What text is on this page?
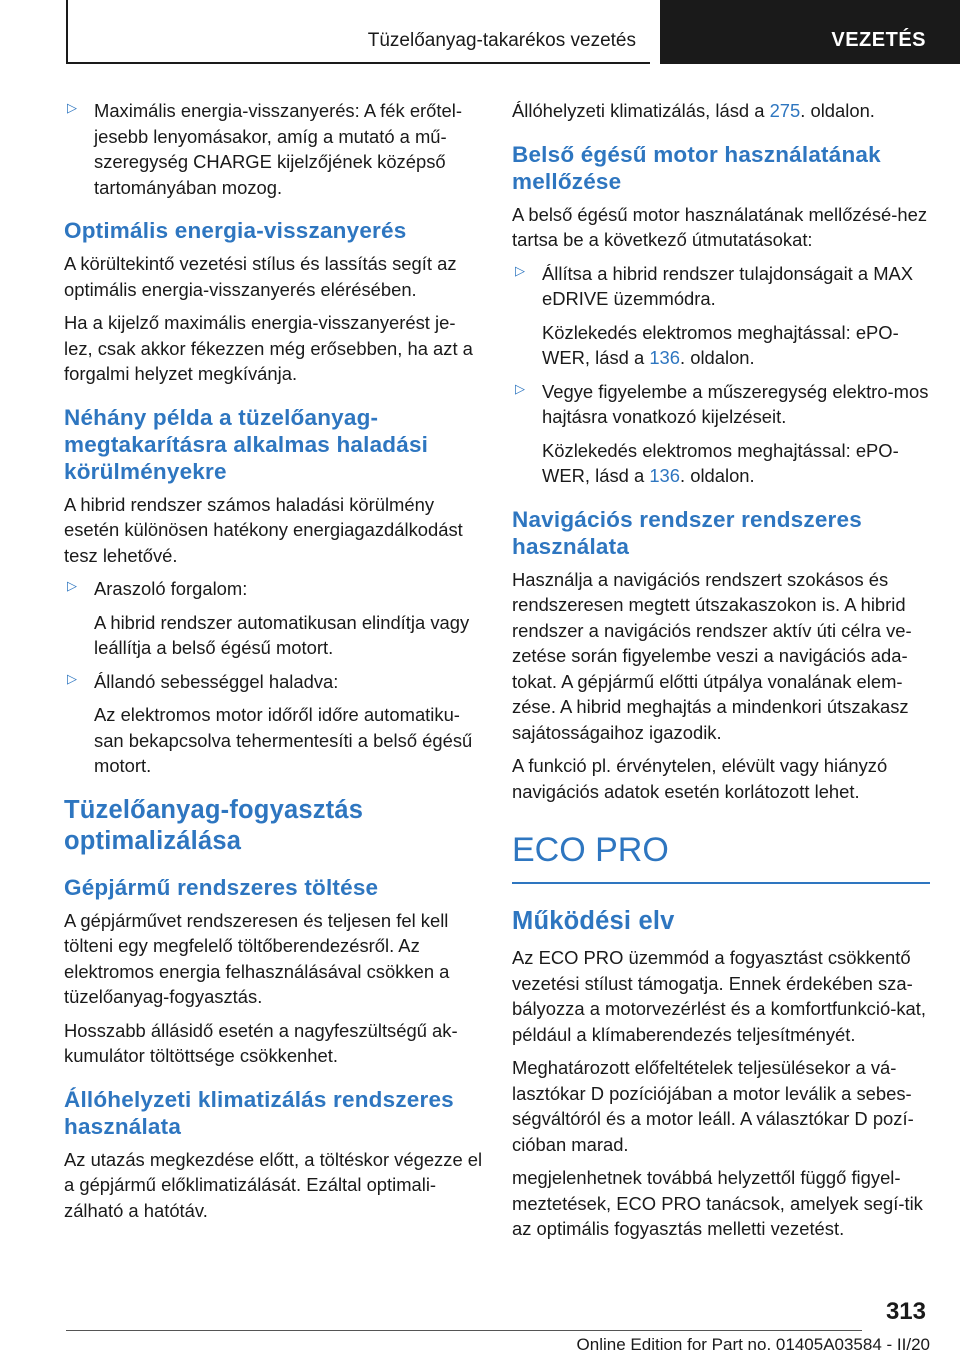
Tüzelőanyag-takarékos vezetés	VEZETÉS
▷ Maximális energia-visszanyerés: A fék erőtel-jesebb lenyomásakor, amíg a mutató a mű-szeregység CHARGE kijelzőjének középső tartományában mozog.

Optimális energia-visszanyerés

A körültekintő vezetési stílus és lassítás segít az optimális energia-visszanyerés elérésében.

Ha a kijelző maximális energia-visszanyerést je-lez, csak akkor fékezzen még erősebben, ha azt a forgalmi helyzet megkívánja.

Néhány példa a tüzelőanyag-megtakarításra alkalmas haladási körülményekre

A hibrid rendszer számos haladási körülmény esetén különösen hatékony energiagazdálkodást tesz lehetővé.

▷ Araszoló forgalom:

A hibrid rendszer automatikusan elindítja vagy leállítja a belső égésű motort.

▷ Állandó sebességgel haladva:

Az elektromos motor időről időre automatiku-san bekapcsolva tehermentesíti a belső égésű motort.

Tüzelőanyag-fogyasztás optimalizálása
Gépjármű rendszeres töltése

A gépjárművet rendszeresen és teljesen fel kell tölteni egy megfelelő töltőberendezésről. Az elektromos energia felhasználásával csökken a tüzelőanyag-fogyasztás.

Hosszabb állásidő esetén a nagyfeszültségű ak-kumulátor töltöttsége csökkenhet.

Állóhelyzeti klimatizálás rendszeres használata

Az utazás megkezdése előtt, a töltéskor végezze el a gépjármű előklimatizálását. Ezáltal optimali-zálható a hatótáv.

Állóhelyzeti klimatizálás, lásd a 275. oldalon.

Belső égésű motor használatának mellőzése

A belső égésű motor használatának mellőzésé-hez tartsa be a következő útmutatásokat:

▷ Állítsa a hibrid rendszer tulajdonságait a MAX eDRIVE üzemmódra.

Közlekedés elektromos meghajtással: ePO-WER, lásd a 136. oldalon.

▷ Vegye figyelembe a műszeregység elektro-mos hajtásra vonatkozó kijelzéseit.

Közlekedés elektromos meghajtással: ePO-WER, lásd a 136. oldalon.

Navigációs rendszer rendszeres használata

Használja a navigációs rendszert szokásos és rendszeresen megtett útszakaszokon is. A hibrid rendszer a navigációs rendszer aktív úti célra ve-zetése során figyelembe veszi a navigációs ada-tokat. A gépjármű előtti útpálya vonalának elem-zése. A hibrid meghajtás a mindenkori útszakasz sajátosságaihoz igazodik.

A funkció pl. érvénytelen, elévült vagy hiányzó navigációs adatok esetén korlátozott lehet.

ECO PRO
Működési elv

Az ECO PRO üzemmód a fogyasztást csökkentő vezetési stílust támogatja. Ennek érdekében sza-bályozza a motorvezérlést és a komfortfunkció-kat, például a klímaberendezés teljesítményét.

Meghatározott előfeltételek teljesülésekor a vá-lasztókar D pozíciójában a motor leválik a sebes-ségváltóról és a motor leáll. A választókar D pozí-cióban marad.

megjelenhetnek továbbá helyzettől függő figyel-meztetések, ECO PRO tanácsok, amelyek segí-tik az optimális fogyasztás melletti vezetést.

313
Online Edition for Part no. 01405A03584 - II/20
